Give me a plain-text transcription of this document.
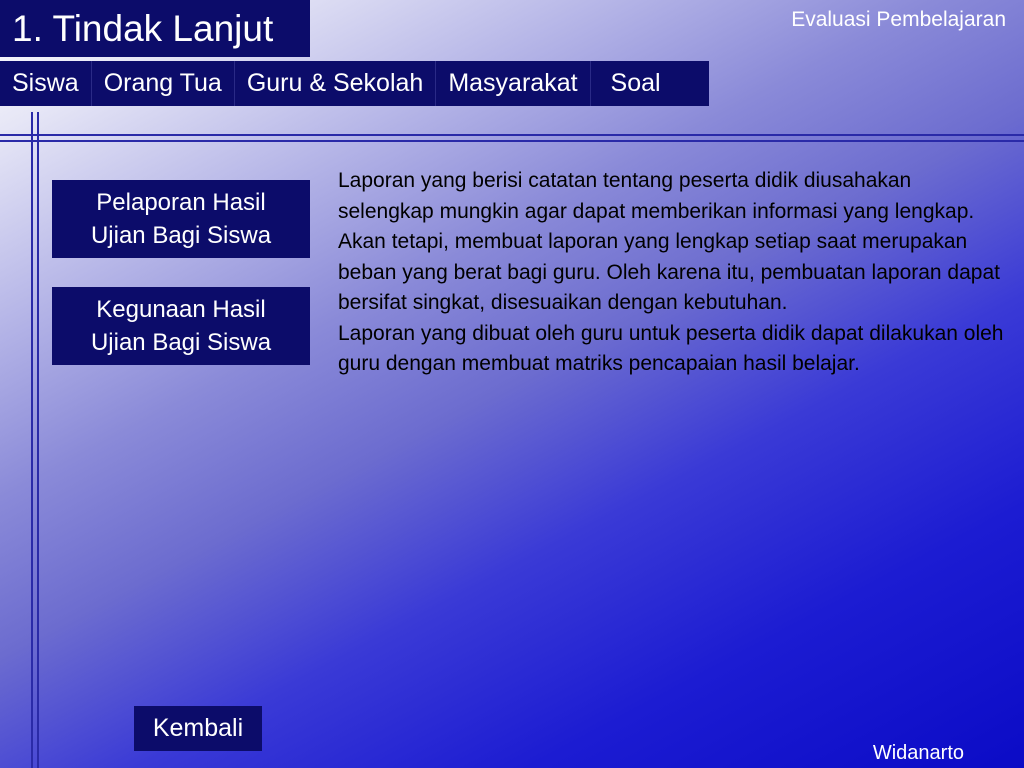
1. Tindak Lanjut	Evaluasi Pembelajaran
Siswa	Orang Tua	Guru & Sekolah	Masyarakat	Soal
Pelaporan Hasil
Ujian Bagi Siswa
Kegunaan Hasil
Ujian Bagi Siswa

Laporan yang berisi catatan tentang peserta didik diusahakan selengkap mungkin agar dapat memberikan informasi yang lengkap. Akan tetapi, membuat laporan yang lengkap setiap saat merupakan beban yang berat bagi guru. Oleh karena itu, pembuatan laporan dapat bersifat singkat, disesuaikan dengan kebutuhan.

Laporan yang dibuat oleh guru untuk peserta didik dapat dilakukan oleh guru dengan membuat matriks pencapaian hasil belajar.

Kembali
Widanarto
